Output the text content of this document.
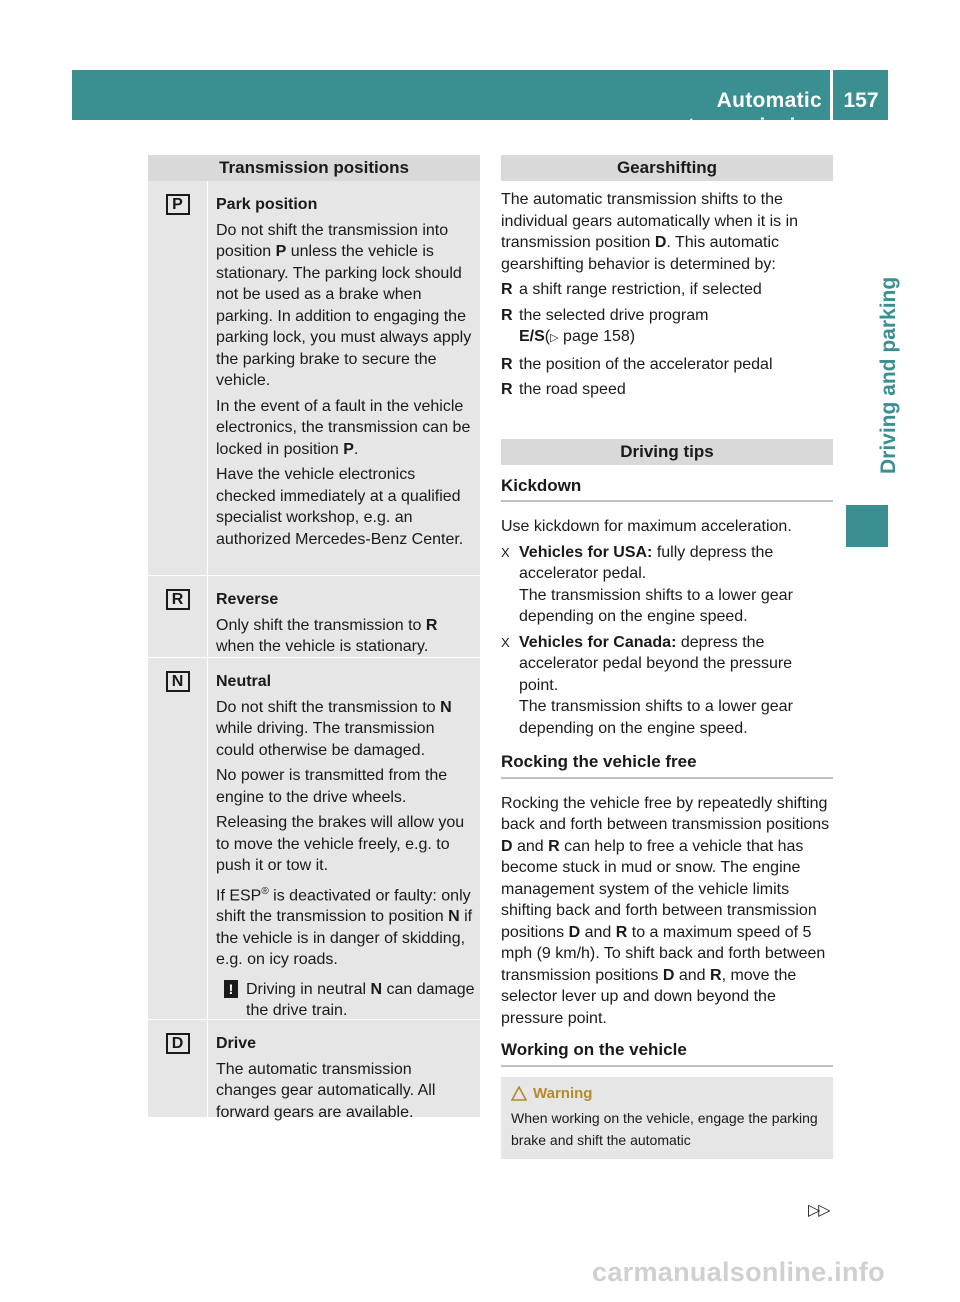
Automatic transmission
157
Driving and parking
Transmission positions
P	Park position
Do not shift the transmission into position P unless the vehicle is stationary. The parking lock should not be used as a brake when parking. In addition to engaging the parking lock, you must always apply the parking brake to secure the vehicle.
In the event of a fault in the vehicle electronics, the transmission can be locked in position P.
Have the vehicle electronics checked immediately at a qualified specialist workshop, e.g. an authorized Mercedes-Benz Center.
R	Reverse
Only shift the transmission to R when the vehicle is stationary.
N	Neutral
Do not shift the transmission to N while driving. The transmission could otherwise be damaged.
No power is transmitted from the engine to the drive wheels.
Releasing the brakes will allow you to move the vehicle freely, e.g. to push it or tow it.
If ESP® is deactivated or faulty: only shift the transmission to position N if the vehicle is in danger of skidding, e.g. on icy roads.
! Driving in neutral N can damage the drive train.
D	Drive
The automatic transmission changes gear automatically. All forward gears are available.
Gearshifting
The automatic transmission shifts to the individual gears automatically when it is in transmission position D. This automatic gearshifting behavior is determined by:
R a shift range restriction, if selected
R the selected drive program
E/S(▷ page 158)
R the position of the accelerator pedal
R the road speed
Driving tips
Kickdown
Use kickdown for maximum acceleration.
X Vehicles for USA: fully depress the accelerator pedal.
The transmission shifts to a lower gear depending on the engine speed.
X Vehicles for Canada: depress the accelerator pedal beyond the pressure point.
The transmission shifts to a lower gear depending on the engine speed.
Rocking the vehicle free
Rocking the vehicle free by repeatedly shifting back and forth between transmission positions D and R can help to free a vehicle that has become stuck in mud or snow. The engine management system of the vehicle limits shifting back and forth between transmission positions D and R to a maximum speed of 5 mph (9 km/h). To shift back and forth between transmission positions D and R, move the selector lever up and down beyond the pressure point.
Working on the vehicle
Warning
When working on the vehicle, engage the parking brake and shift the automatic
▷▷
carmanualsonline.info
